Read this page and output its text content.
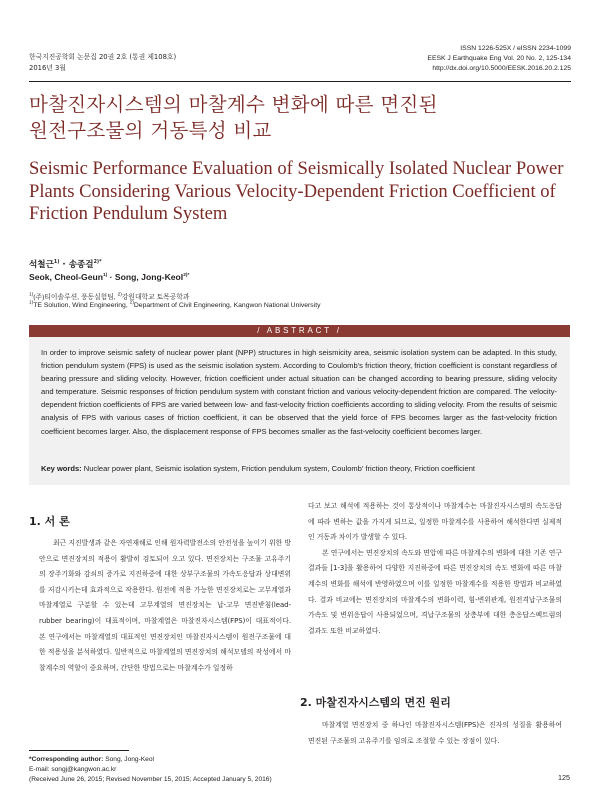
한국지진공학회 논문집 20권 2호 (통권 제108호)
2016년 3월
ISSN 1226-525X / eISSN 2234-1099
EESK J Earthquake Eng Vol. 20 No. 2, 125-134
http://dx.doi.org/10.5000/EESK.2016.20.2.125
마찰진자시스템의 마찰계수 변화에 따른 면진된
원전구조물의 거동특성 비교
Seismic Performance Evaluation of Seismically Isolated Nuclear Power Plants Considering Various Velocity-Dependent Friction Coefficient of Friction Pendulum System
석철근$^{1)}$ · 송종걸$^{2)*}$
Seok, Cheol-Geun$^{1)}$ · Song, Jong-Keol$^{2)*}$
$^{1)}$(주)티이솔루션, 풍동실험팀, $^{2)}$강원대학교 토목공학과
$^{1)}$TE Solution, Wind Engineering, $^{2)}$Department of Civil Engineering, Kangwon National University
/ ABSTRACT /
In order to improve seismic safety of nuclear power plant (NPP) structures in high seismicity area, seismic isolation system can be adapted. In this study, friction pendulum system (FPS) is used as the seismic isolation system. According to Coulomb's friction theory, friction coefficient is constant regardless of bearing pressure and sliding velocity. However, friction coefficient under actual situation can be changed according to bearing pressure, sliding velocity and temperature. Seismic responses of friction pendulum system with constant friction and various velocity-dependent friction are compared. The velocity-dependent friction coefficients of FPS are varied between low- and fast-velocity friction coefficients according to sliding velocity. From the results of seismic analysis of FPS with various cases of friction coefficient, it can be observed that the yield force of FPS becomes larger as the fast-velocity friction coefficient becomes larger. Also, the displacement response of FPS becomes smaller as the fast-velocity coefficient becomes larger.
Key words: Nuclear power plant, Seismic isolation system, Friction pendulum system, Coulomb' friction theory, Friction coefficient
1. 서 론

최근 지진발생과 같은 자연재해로 인해 원자력발전소의 안전성을 높이기 위한 방안으로 면진장치의 적용이 활발히 검토되어 오고 있다. 면진장치는 구조물 고유주기의 장주기화와 감쇠의 증가로 지진하중에 대한 상부구조물의 가속도응답과 상대변위를 저감시키는데 효과적으로 작용한다. 원전에 적용 가능한 면진장치로는 고무계열과 마찰계열로 구분할 수 있는데 고무계열의 면진장치는 납-고무 면진받침(lead-rubber bearing)이 대표적이며, 마찰계열은 마찰진자시스템(FPS)이 대표적이다. 본 연구에서는 마찰계열의 대표적인 면진장치인 마찰진자시스템이 원전구조물에 대한 적용성을 분석하였다. 일반적으로 마찰계열의 면진장치의 해석모델의 작성에서 마찰계수의 역할이 중요하며, 간단한 방법으로는 마찰계수가 일정하

다고 보고 해석에 적용하는 것이 통상적이나 마찰계수는 마찰진자시스템의 속도응답에 따라 변하는 값을 가지게 되므로, 일정한 마찰계수를 사용하여 해석한다면 실제적인 거동과 차이가 발생할 수 있다.

본 연구에서는 면진장치의 속도와 면압에 따른 마찰계수의 변화에 대한 기존 연구결과들 [1-3]을 활용하여 다양한 지진하중에 따른 면진장치의 속도 변화에 따른 마찰계수의 변화를 해석에 반영하였으며 이를 일정한 마찰계수를 적용한 방법과 비교하였다. 결과 비교에는 면진장치의 마찰계수의 변화이력, 힘-변위관계, 원전격납구조물의 가속도 및 변위응답이 사용되었으며, 격납구조물의 상층부에 대한 층응답스펙트럼의 결과도 또한 비교하였다.

2. 마찰진자시스템의 면진 원리

마찰계열 면진장치 중 하나인 마찰진자시스템(FPS)은 진자의 성질을 활용하여 면진된 구조물의 고유주기를 임의로 조절할 수 있는 장점이 있다.

*Corresponding author: Song, Jong-Keol
E-mail: songj@kangwon.ac.kr
(Received June 26, 2015; Revised November 15, 2015; Accepted January 5, 2016)	125
